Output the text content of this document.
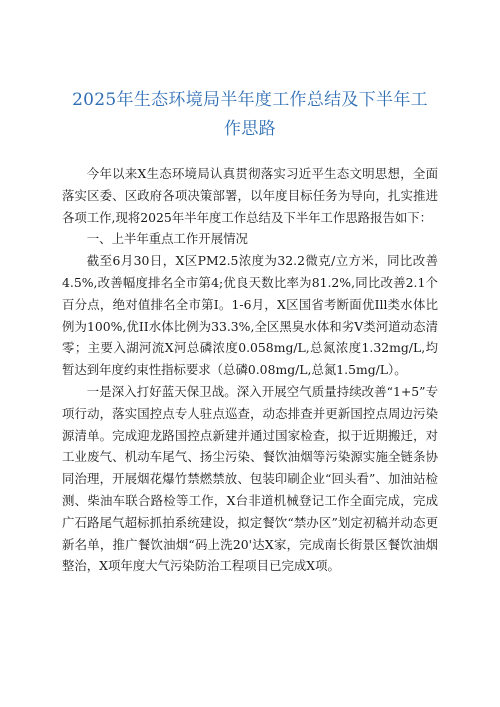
2025年生态环境局半年度工作总结及下半年工
作思路

今年以来X生态环境局认真贯彻落实习近平生态文明思想，全面落实区委、区政府各项决策部署，以年度目标任务为导向，扎实推进各项工作,现将2025年半年度工作总结及下半年工作思路报告如下：

一、上半年重点工作开展情况

截至6月30日，X区PM2.5浓度为32.2微克/立方米，同比改善4.5%,改善幅度排名全市第4;优良天数比率为81.2%,同比改善2.1个百分点，绝对值排名全市第I。1-6月，X区国省考断面优Ill类水体比例为100%,优II水体比例为33.3%,全区黑臭水体和劣V类河道动态清零；主要入湖河流X河总磷浓度0.058mg/L,总氮浓度1.32mg/L,均暂达到年度约束性指标要求（总磷0.08mg/L,总氮1.5mg/L）。

一是深入打好蓝天保卫战。深入开展空气质量持续改善“1+5”专项行动，落实国控点专人驻点巡查，动态排查并更新国控点周边污染源清单。完成迎龙路国控点新建并通过国家检查，拟于近期搬迁，对工业废气、机动车尾气、扬尘污染、餐饮油烟等污染源实施全链条协同治理，开展烟花爆竹禁燃禁放、包装印刷企业“回头看”、加油站检测、柴油车联合路检等工作，X台非道机械登记工作全面完成，完成广石路尾气超标抓拍系统建设，拟定餐饮“禁办区”划定初稿并动态更新名单，推广餐饮油烟“码上洗20'达X家，完成南长街景区餐饮油烟整治，X项年度大气污染防治工程项目已完成X项。
